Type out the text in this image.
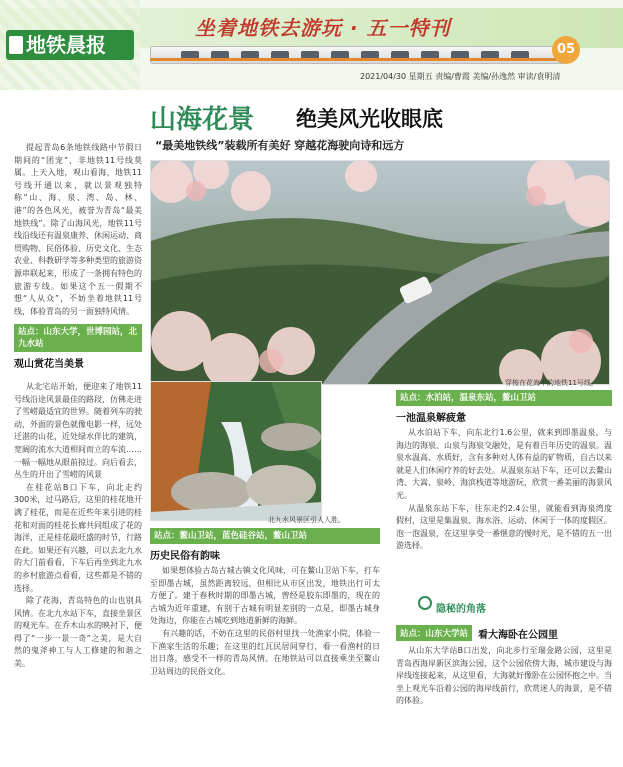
地铁晨报
坐着地铁去游玩 · 五一特刊
05
2021/04/30 星期五 责编/曹霞 美编/孙逸然 审读/袁明清
山海花景 绝美风光收眼底
“最美地铁线”装载所有美好 穿越花海驶向诗和远方

提起青岛6条地铁线路中节假日期间的“团宠”，非地铁11号线莫属。上天入地，观山看海，地铁11号线开通以来，就以景观独特称“山、海、泉、湾、岛、林、港”的各色风光，被誉为青岛“最美地铁线”。除了山海风光，地铁11号线沿线还有温泉康养、休闲运动、商贸购物、民俗体验、历史文化、生态农业、科教研学等多种类型的旅游资源串联起来，形成了一条拥有特色的旅游专线。如果这个五一假期不想“人从众”，不妨坐着地铁11号线，体验青岛的另一面独特风情。

站点：山东大学，世博园站，北九水站
观山赏花当美景
穿梭在花海中的地铁11号线。

从北宅站开始，便迎来了地铁11号线沿途风景最佳的路段，仿佛走进了雪崂最适宜的世界。随着列车的驶动，外面的景色就像电影一样，远处迁湛的山花，近处绿水伴比的建筑，宽阔的流水大道相间而立的车流……一幅一幅地从眼前掠过。向后看去，丛生的开出了雪崂的风景

在桂花站B口下车，向北走约300米，过马路后，这里的桂花地开满了桂花，而是在近些年来引进的桂花和对面的桂花长廊共同组成了花的海洋，正是桂花最旺盛的时节，行路在此。如果还有兴趣，可以去北九水的大门前看看，下车后再坐到北九水的乡村旅游点看看，这些都是不错的选择。

除了花海，青岛特色的山也别具风情。在北九水站下车，直接坐景区的观光车。在乔木山水的映衬下，便得了“一步一景一奇”之美，是大自然的鬼斧神工与人工修建的和谐之美。

北九水风景区引人入胜。
站点：鳌山卫站，蓝色硅谷站，鳌山卫站
历史民俗有韵味

如果想体验古岛古城古镇文化风味，可在鳌山卫站下车，打车至即墨古城，虽然距离较远，但相比从市区出发，地铁出行可太方便了。建于春秋时期的即墨古城，曾经是胶东即墨的，现在的古城为近年重建，有别于古城有明显差别的一点是，即墨古城身处海边，你能在古城吃到地道新鲜的海鲜。

有兴趣的话，不妨在这里的民俗村里找一处渔家小院，体验一下渔家生活的乐趣；在这里的红瓦民居间穿行，看一看渔村的日出日落，感受不一样的青岛风情。在地铁站可以直接乘坐至鳌山卫站周边的民俗文化。

站点：水泊站，温泉东站，鳌山卫站
一池温泉解疲惫

从水泊站下车，向东北行1.6公里，就来到即墨温泉，与海边的海泉、山泉与海泉交融处，是有着百年历史的温泉。温泉水温高、水质好，含有多种对人体有益的矿物质，自古以来就是人们休闲疗养的好去处。从温泉东站下车，还可以去鳌山湾、大嵩、泉岭、海滨栈道等地游玩，欣赏一番美丽的海景风光。

从温泉东站下车，往东走约2.4公里，就能看到海泉湾度假村，这里是集温泉、海水浴、运动、休闲于一体的度假区。泡一泡温泉，在这里享受一番惬意的慢时光，是不错的五一出游选择。

隐秘的角落
站点：山东大学站	看大海卧在公园里

从山东大学站B口出发，向北步行至瑞金路公园，这里是青岛西海岸新区滨海公园，这个公园依傍大海，城市建设与海岸线连接起来，从这里看，大海就好像卧在公园怀抱之中。当坐上观光车沿着公园的海岸线前行，欣赏迷人的海景，是不错的体验。
